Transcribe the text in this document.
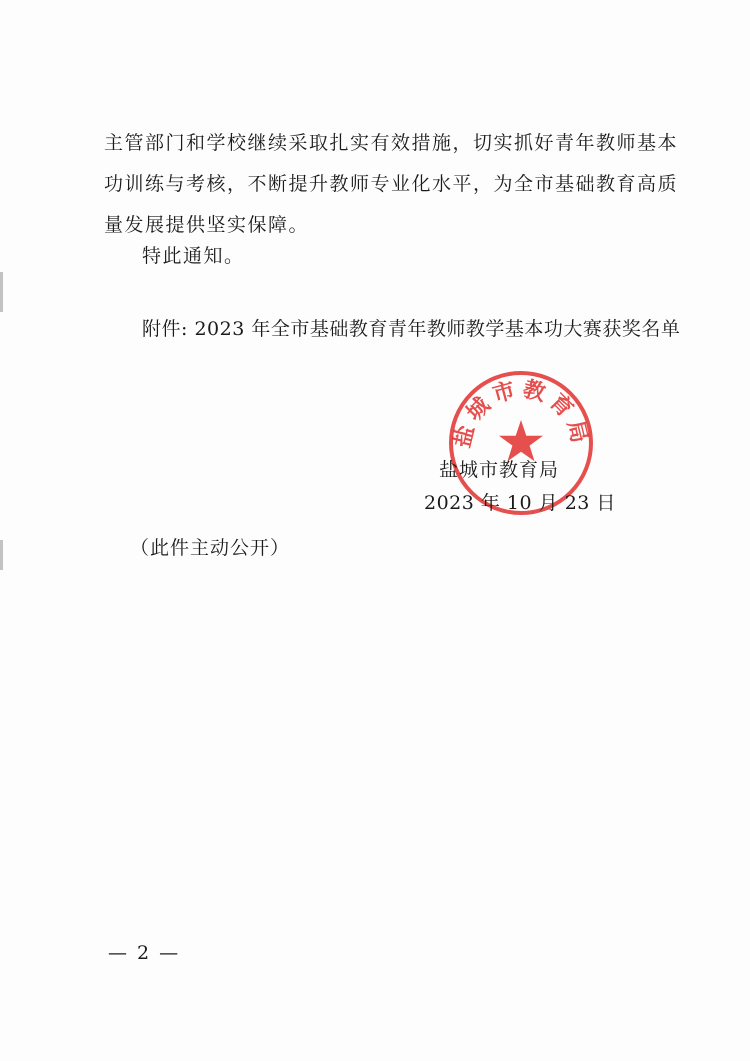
主管部门和学校继续采取扎实有效措施，切实抓好青年教师基本
功训练与考核，不断提升教师专业化水平，为全市基础教育高质
量发展提供坚实保障。
特此通知。
附件: 2023 年全市基础教育青年教师教学基本功大赛获奖名单
盐城市教育局
盐城市教育局
2023 年 10 月 23 日
（此件主动公开）
— 2 —
